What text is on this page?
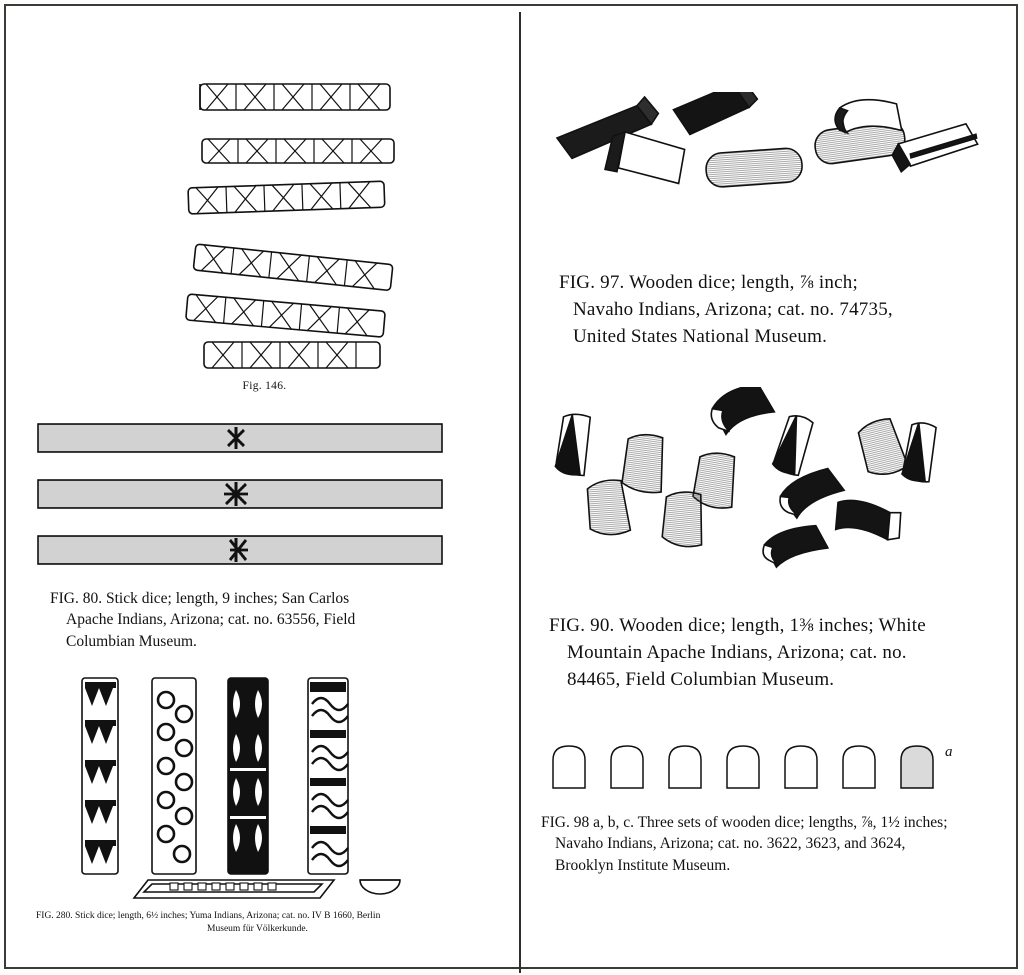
Fig. 146.
FIG. 80. Stick dice; length, 9 inches; San Carlos
Apache Indians, Arizona; cat. no. 63556, Field
Columbian Museum.
FIG. 280. Stick dice; length, 6½ inches; Yuma Indians, Arizona; cat. no. IV B 1660, Berlin
Museum für Völkerkunde.
FIG. 97. Wooden dice; length, ⅞ inch;
Navaho Indians, Arizona; cat. no. 74735,
United States National Museum.
FIG. 90. Wooden dice; length, 1⅜ inches; White
Mountain Apache Indians, Arizona; cat. no.
84465, Field Columbian Museum.
a
FIG. 98 a, b, c. Three sets of wooden dice; lengths, ⅞, 1½ inches;
Navaho Indians, Arizona; cat. no. 3622, 3623, and 3624,
Brooklyn Institute Museum.
